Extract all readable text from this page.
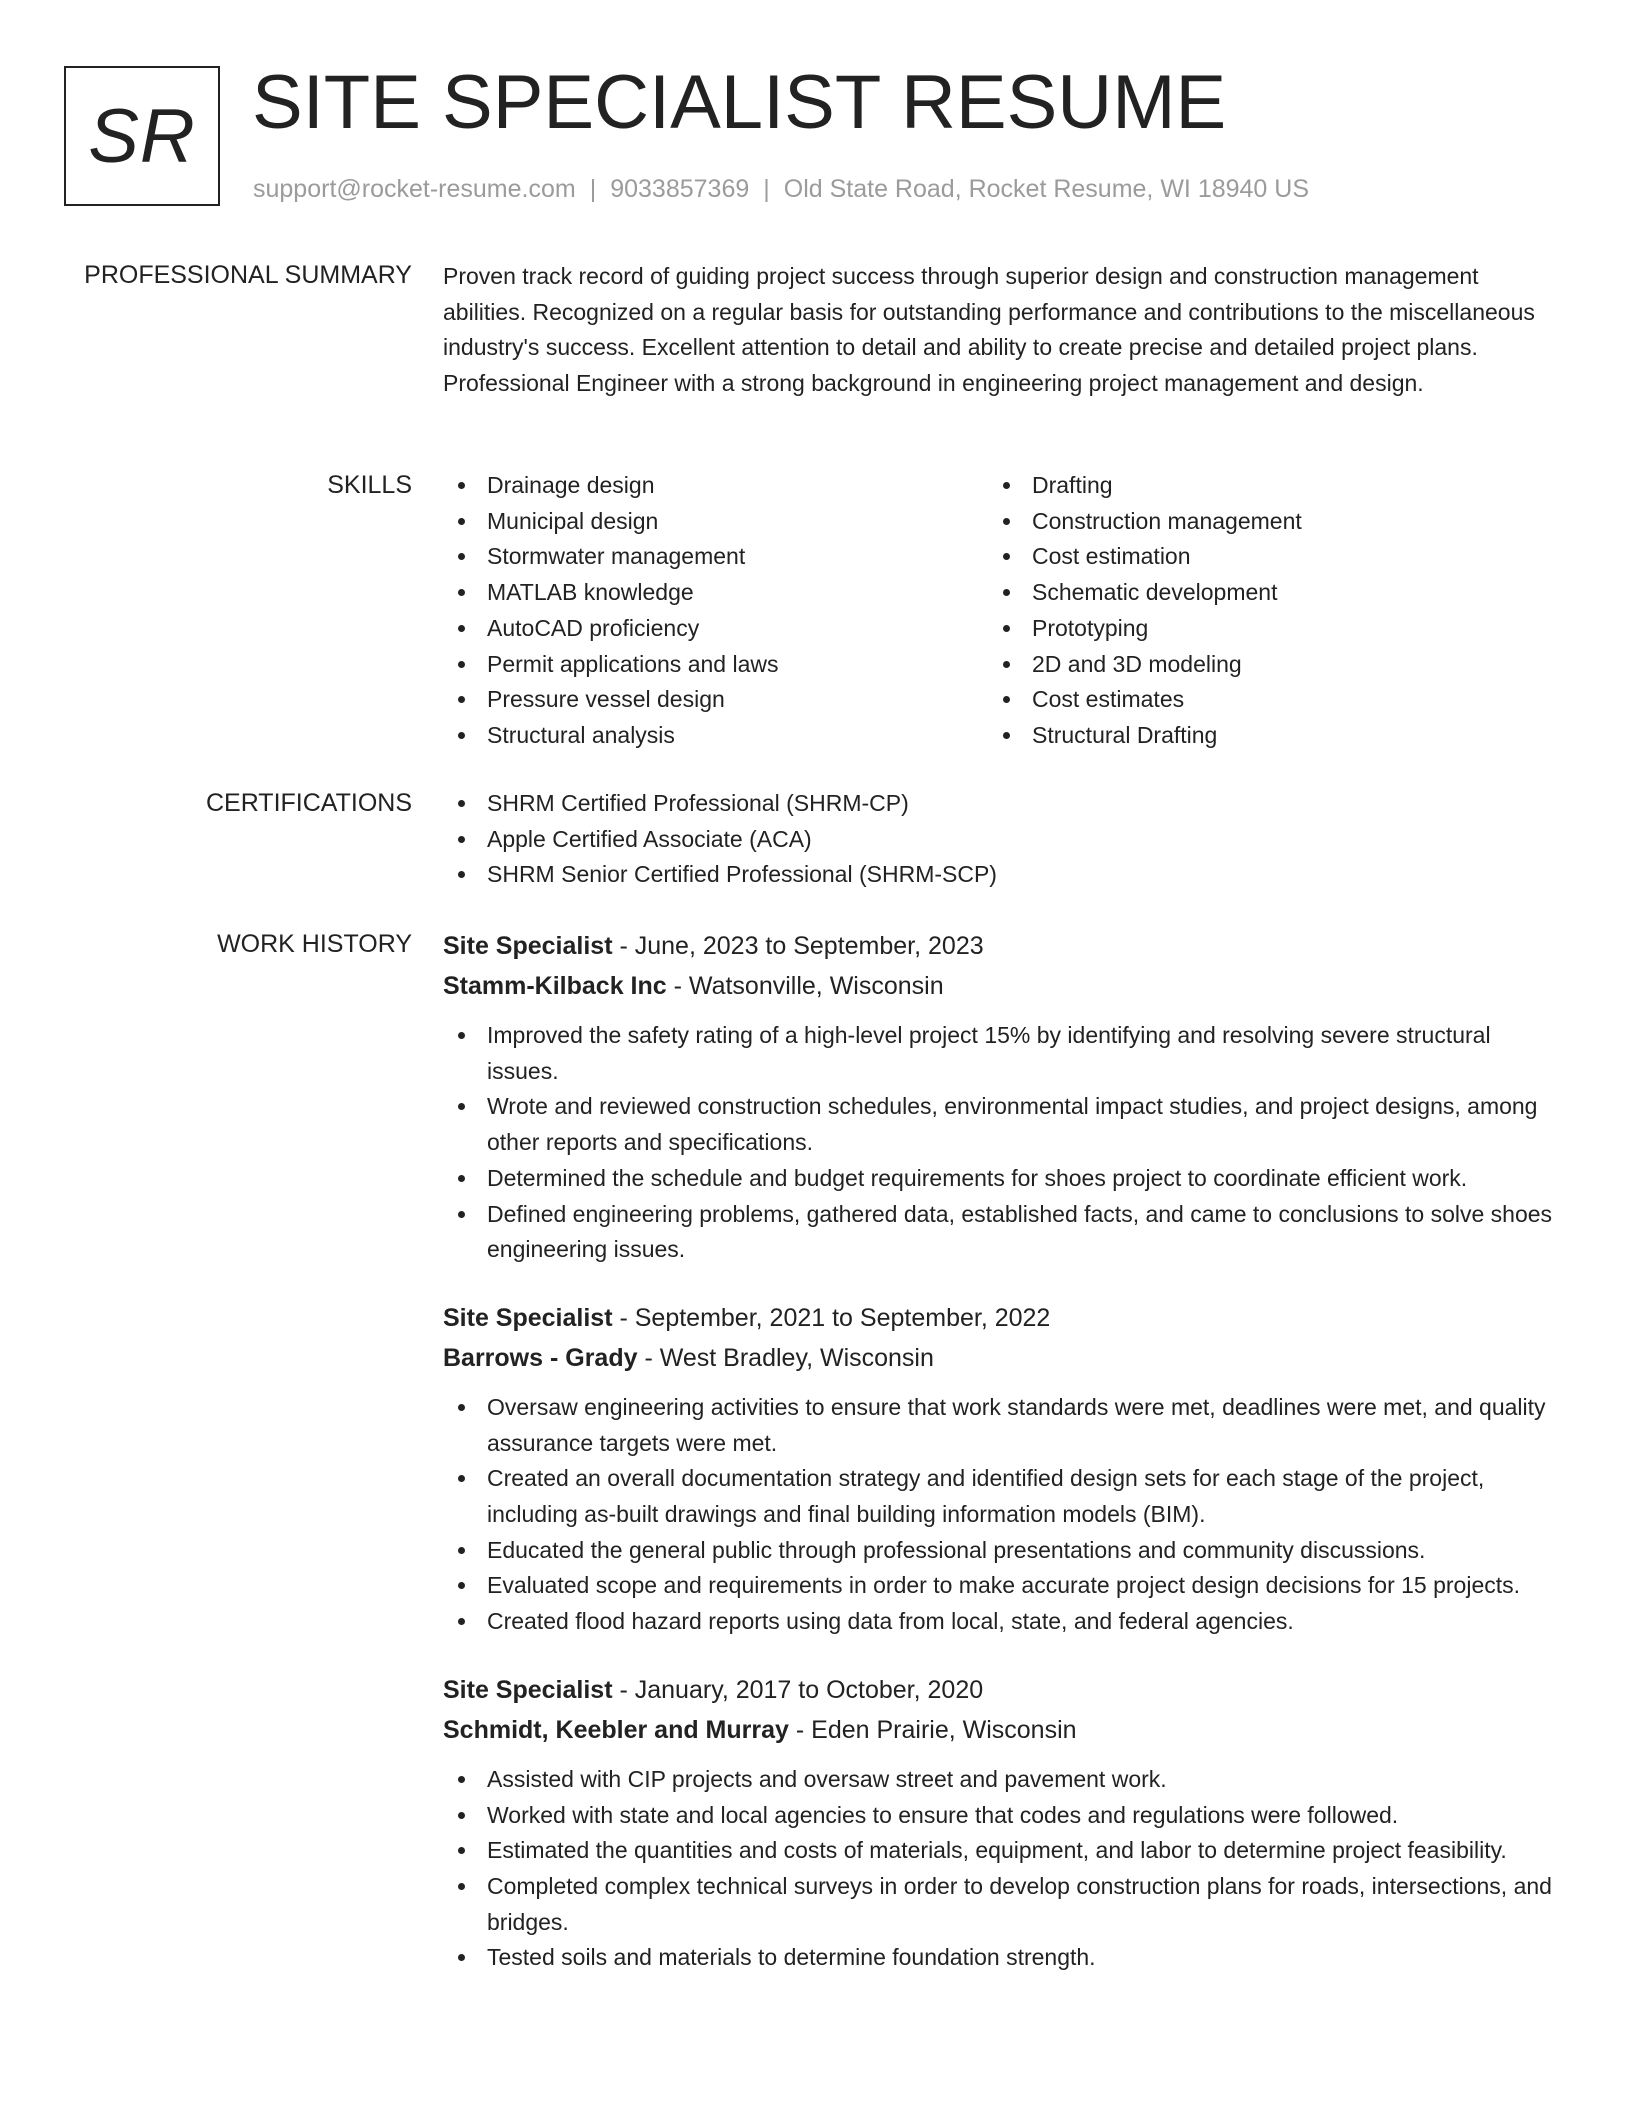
SR SITE SPECIALIST RESUME
support@rocket-resume.com | 9033857369 | Old State Road, Rocket Resume, WI 18940 US
PROFESSIONAL SUMMARY Proven track record of guiding project success through superior design and construction management abilities. Recognized on a regular basis for outstanding performance and contributions to the miscellaneous industry's success. Excellent attention to detail and ability to create precise and detailed project plans. Professional Engineer with a strong background in engineering project management and design.

SKILLS	Drainage design
Municipal design
Stormwater management
MATLAB knowledge
AutoCAD proficiency
Permit applications and laws
Pressure vessel design
Structural analysis
Drafting
Construction management
Cost estimation
Schematic development
Prototyping
2D and 3D modeling
Cost estimates
Structural Drafting
CERTIFICATIONS	SHRM Certified Professional (SHRM-CP)
Apple Certified Associate (ACA)
SHRM Senior Certified Professional (SHRM-SCP)
WORK HISTORY Site Specialist - June, 2023 to September, 2023
Stamm-Kilback Inc - Watsonville, Wisconsin
Improved the safety rating of a high-level project 15% by identifying and resolving severe structural issues.
Wrote and reviewed construction schedules, environmental impact studies, and project designs, among other reports and specifications.
Determined the schedule and budget requirements for shoes project to coordinate efficient work.
Defined engineering problems, gathered data, established facts, and came to conclusions to solve shoes engineering issues.
Site Specialist - September, 2021 to September, 2022
Barrows - Grady - West Bradley, Wisconsin
Oversaw engineering activities to ensure that work standards were met, deadlines were met, and quality assurance targets were met.
Created an overall documentation strategy and identified design sets for each stage of the project, including as-built drawings and final building information models (BIM).
Educated the general public through professional presentations and community discussions.
Evaluated scope and requirements in order to make accurate project design decisions for 15 projects.
Created flood hazard reports using data from local, state, and federal agencies.
Site Specialist - January, 2017 to October, 2020
Schmidt, Keebler and Murray - Eden Prairie, Wisconsin
Assisted with CIP projects and oversaw street and pavement work.
Worked with state and local agencies to ensure that codes and regulations were followed.
Estimated the quantities and costs of materials, equipment, and labor to determine project feasibility.
Completed complex technical surveys in order to develop construction plans for roads, intersections, and bridges.
Tested soils and materials to determine foundation strength.
